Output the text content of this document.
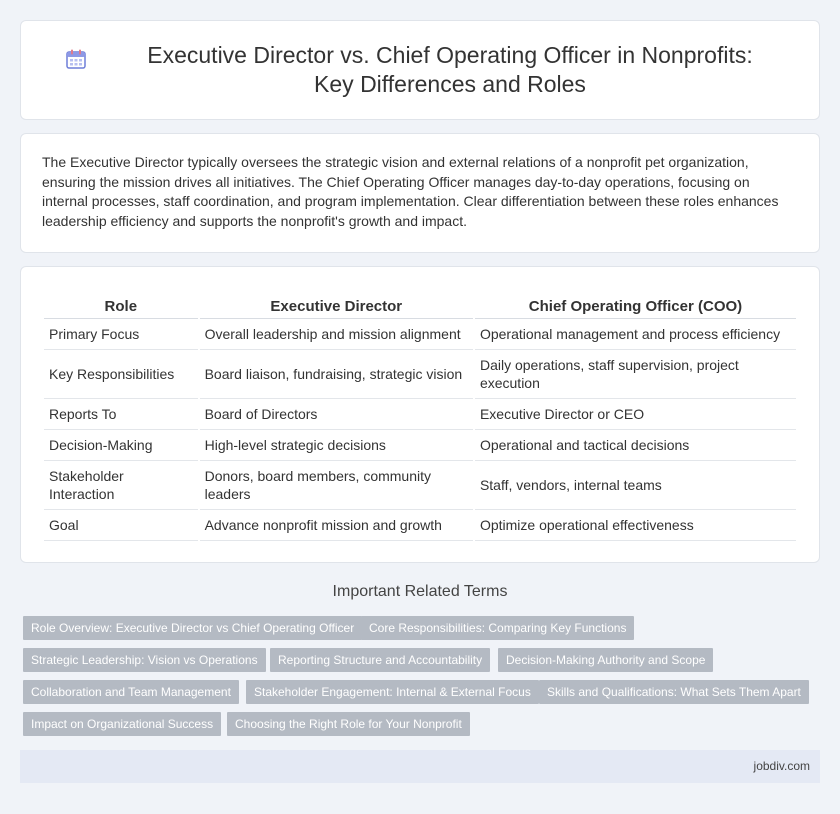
Executive Director vs. Chief Operating Officer in Nonprofits: Key Differences and Roles

The Executive Director typically oversees the strategic vision and external relations of a nonprofit pet organization, ensuring the mission drives all initiatives. The Chief Operating Officer manages day-to-day operations, focusing on internal processes, staff coordination, and program implementation. Clear differentiation between these roles enhances leadership efficiency and supports the nonprofit's growth and impact.

Role	Executive Director	Chief Operating Officer (COO)
Primary Focus	Overall leadership and mission alignment	Operational management and process efficiency
Key Responsibilities	Board liaison, fundraising, strategic vision	Daily operations, staff supervision, project execution
Reports To	Board of Directors	Executive Director or CEO
Decision-Making	High-level strategic decisions	Operational and tactical decisions
Stakeholder Interaction	Donors, board members, community leaders	Staff, vendors, internal teams
Goal	Advance nonprofit mission and growth	Optimize operational effectiveness
Important Related Terms
Role Overview: Executive Director vs Chief Operating Officer	Core Responsibilities: Comparing Key Functions
Strategic Leadership: Vision vs Operations	Reporting Structure and Accountability	Decision-Making Authority and Scope
Collaboration and Team Management	Stakeholder Engagement: Internal & External Focus	Skills and Qualifications: What Sets Them Apart
Impact on Organizational Success	Choosing the Right Role for Your Nonprofit
jobdiv.com
